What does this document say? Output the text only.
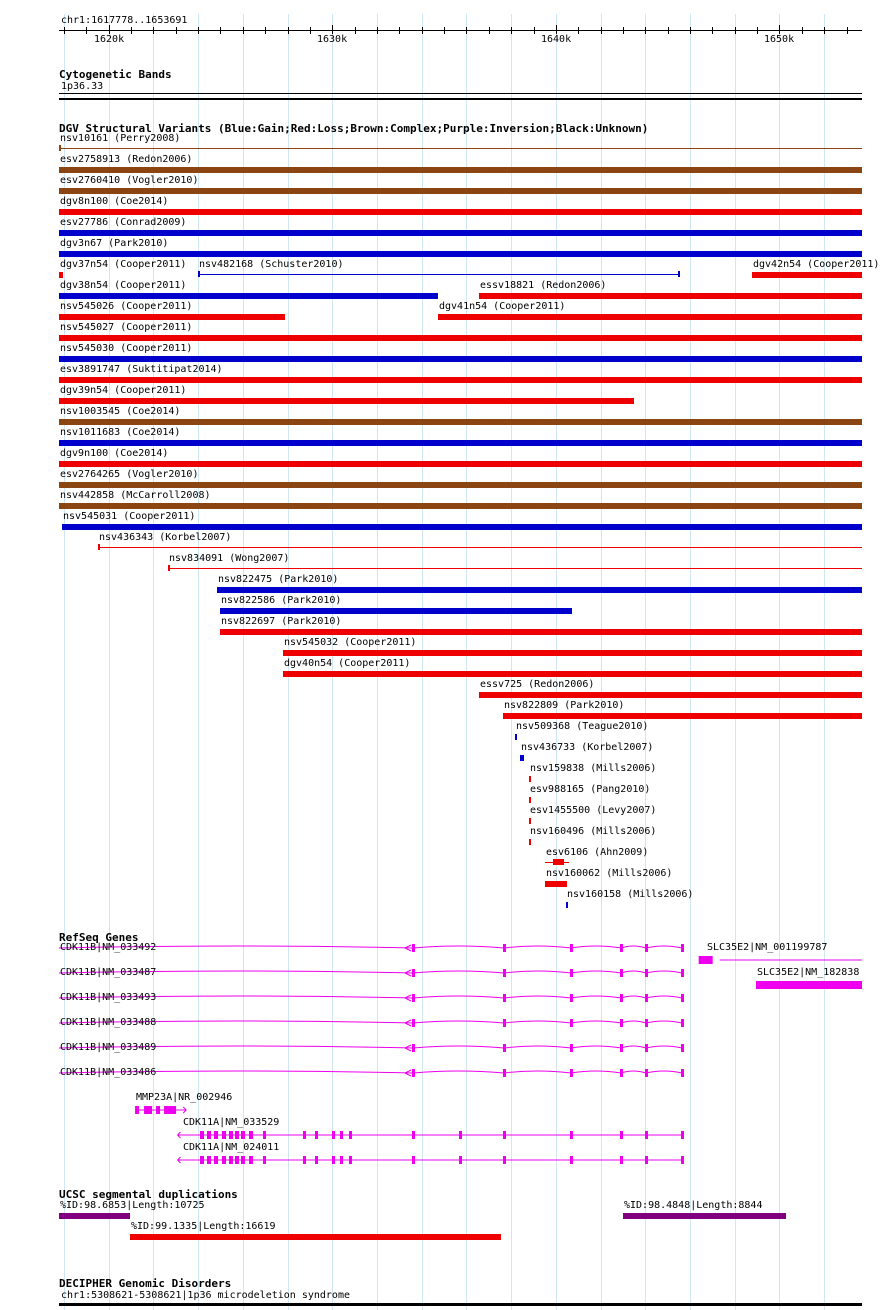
chr1:1617778..1653691
1620k	1630k	1640k	1650k
Cytogenetic Bands
1p36.33
DGV Structural Variants (Blue:Gain;Red:Loss;Brown:Complex;Purple:Inversion;Black:Unknown)
nsv10161 (Perry2008)
esv2758913 (Redon2006)
esv2760410 (Vogler2010)
dgv8n100 (Coe2014)
esv27786 (Conrad2009)
dgv3n67 (Park2010)
dgv37n54 (Cooper2011) nsv482168 (Schuster2010)	dgv42n54 (Cooper2011)
dgv38n54 (Cooper2011)	essv18821 (Redon2006)
nsv545026 (Cooper2011)	dgv41n54 (Cooper2011)
nsv545027 (Cooper2011)
nsv545030 (Cooper2011)
esv3891747 (Suktitipat2014)
dgv39n54 (Cooper2011)
nsv1003545 (Coe2014)
nsv1011683 (Coe2014)
dgv9n100 (Coe2014)
esv2764265 (Vogler2010)
nsv442858 (McCarroll2008)
nsv545031 (Cooper2011)
nsv436343 (Korbel2007)
nsv834091 (Wong2007)
nsv822475 (Park2010)
nsv822586 (Park2010)
nsv822697 (Park2010)
nsv545032 (Cooper2011)
dgv40n54 (Cooper2011)
essv725 (Redon2006)
nsv822809 (Park2010)
nsv509368 (Teague2010)
nsv436733 (Korbel2007)
nsv159838 (Mills2006)
esv988165 (Pang2010)
esv1455500 (Levy2007)
nsv160496 (Mills2006)
esv6106 (Ahn2009)
nsv160062 (Mills2006)
nsv160158 (Mills2006)
RefSeq Genes
CDK11B|NM_033492	SLC35E2|NM_001199787
CDK11B|NM_033487	SLC35E2|NM_182838
CDK11B|NM_033493
CDK11B|NM_033488
CDK11B|NM_033489
CDK11B|NM_033486
MMP23A|NR_002946
CDK11A|NM_033529
CDK11A|NM_024011
UCSC segmental duplications
%ID:98.6853|Length:10725	%ID:98.4848|Length:8844
%ID:99.1335|Length:16619
DECIPHER Genomic Disorders
chr1:5308621-5308621|1p36 microdeletion syndrome
